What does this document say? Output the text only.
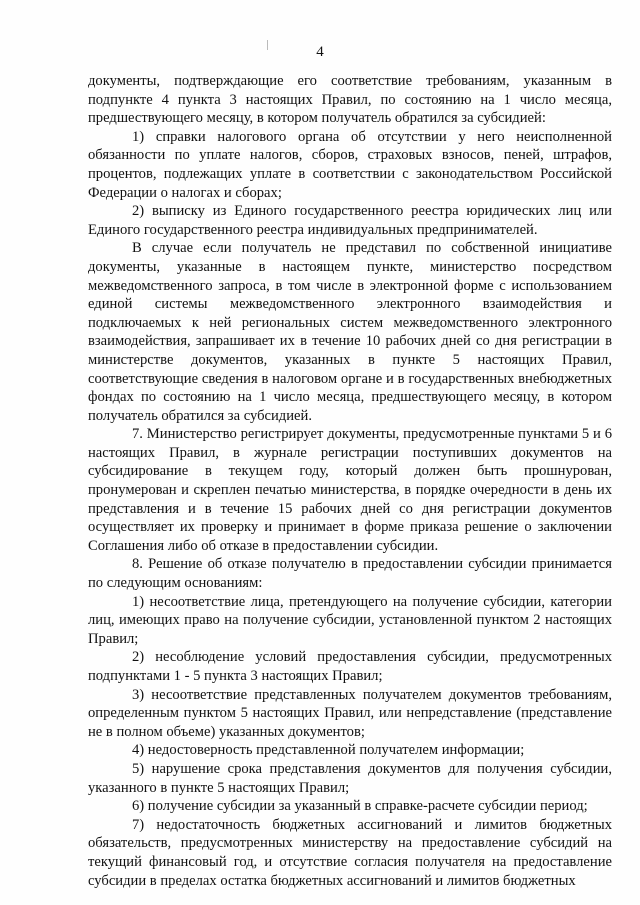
4

документы, подтверждающие его соответствие требованиям, указанным в подпункте 4 пункта 3 настоящих Правил, по состоянию на 1 число месяца, предшествующего месяцу, в котором получатель обратился за субсидией:

1) справки налогового органа об отсутствии у него неисполненной обязанности по уплате налогов, сборов, страховых взносов, пеней, штрафов, процентов, подлежащих уплате в соответствии с законодательством Российской Федерации о налогах и сборах;

2) выписку из Единого государственного реестра юридических лиц или Единого государственного реестра индивидуальных предпринимателей.

В случае если получатель не представил по собственной инициативе документы, указанные в настоящем пункте, министерство посредством межведомственного запроса, в том числе в электронной форме с использованием единой системы межведомственного электронного взаимодействия и подключаемых к ней региональных систем межведомственного электронного взаимодействия, запрашивает их в течение 10 рабочих дней со дня регистрации в министерстве документов, указанных в пункте 5 настоящих Правил, соответствующие сведения в налоговом органе и в государственных внебюджетных фондах по состоянию на 1 число месяца, предшествующего месяцу, в котором получатель обратился за субсидией.

7. Министерство регистрирует документы, предусмотренные пунктами 5 и 6 настоящих Правил, в журнале регистрации поступивших документов на субсидирование в текущем году, который должен быть прошнурован, пронумерован и скреплен печатью министерства, в порядке очередности в день их представления и в течение 15 рабочих дней со дня регистрации документов осуществляет их проверку и принимает в форме приказа решение о заключении Соглашения либо об отказе в предоставлении субсидии.

8. Решение об отказе получателю в предоставлении субсидии принимается по следующим основаниям:

1) несоответствие лица, претендующего на получение субсидии, категории лиц, имеющих право на получение субсидии, установленной пунктом 2 настоящих Правил;

2) несоблюдение условий предоставления субсидии, предусмотренных подпунктами 1 - 5 пункта 3 настоящих Правил;

3) несоответствие представленных получателем документов требованиям, определенным пунктом 5 настоящих Правил, или непредставление (представление не в полном объеме) указанных документов;

4) недостоверность представленной получателем информации;

5) нарушение срока представления документов для получения субсидии, указанного в пункте 5 настоящих Правил;

6) получение субсидии за указанный в справке-расчете субсидии период;

7) недостаточность бюджетных ассигнований и лимитов бюджетных обязательств, предусмотренных министерству на предоставление субсидий на текущий финансовый год, и отсутствие согласия получателя на предоставление субсидии в пределах остатка бюджетных ассигнований и лимитов бюджетных
